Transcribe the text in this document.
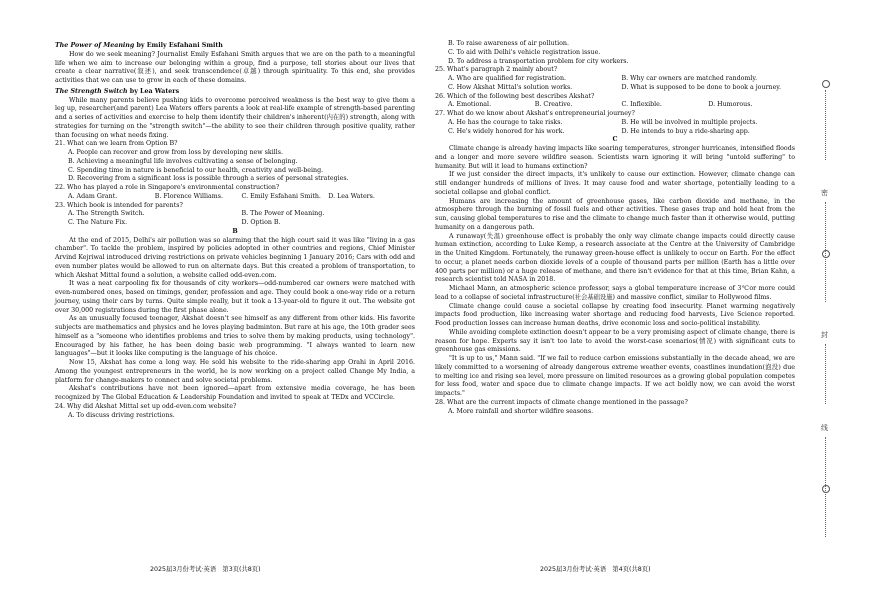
The Power of Meaning by Emily Esfahani Smith

How do we seek meaning? Journalist Emily Esfahani Smith argues that we are on the path to a meaningful life when we aim to increase our belonging within a group, find a purpose, tell stories about our lives that create a clear narrative(叙述), and seek transcendence(卓越) through spirituality. To this end, she provides activities that we can use to grow in each of these domains.

The Strength Switch by Lea Waters

While many parents believe pushing kids to overcome perceived weakness is the best way to give them a leg up, researcher(and parent) Lea Waters offers parents a look at real-life example of strength-based parenting and a series of activities and exercise to help them identify their children's inherent(内在的) strength, along with strategies for turning on the "strength switch"—the ability to see their children through positive quality, rather than focusing on what needs fixing.

21. What can we learn from Option B?

A. People can recover and grow from loss by developing new skills.

B. Achieving a meaningful life involves cultivating a sense of belonging.

C. Spending time in nature is beneficial to our health, creativity and well-being.

D. Recovering from a significant loss is possible through a series of personal strategies.

22. Who has played a role in Singapore's environmental construction?

A. Adam Grant.	B. Florence Williams.	C. Emily Esfahani Smith.	D. Lea Waters.

23. Which book is intended for parents?

A. The Strength Switch.	B. The Power of Meaning.
C. The Nature Fix.	D. Option B.

B

At the end of 2015, Delhi's air pollution was so alarming that the high court said it was like "living in a gas chamber". To tackle the problem, inspired by policies adopted in other countries and regions, Chief Minister Arvind Kejriwal introduced driving restrictions on private vehicles beginning 1 January 2016; Cars with odd and even number plates would be allowed to run on alternate days. But this created a problem of transportation, to which Akshat Mittal found a solution, a website called odd-even.com.

It was a neat carpooling fix for thousands of city workers—odd-numbered car owners were matched with even-numbered ones, based on timings, gender, profession and age. They could book a one-way ride or a return journey, using their cars by turns. Quite simple really, but it took a 13-year-old to figure it out. The website got over 30,000 registrations during the first phase alone.

As an unusually focused teenager, Akshat doesn't see himself as any different from other kids. His favorite subjects are mathematics and physics and he loves playing badminton. But rare at his age, the 10th grader sees himself as a "someone who identifies problems and tries to solve them by making products, using technology". Encouraged by his father, he has been doing basic web programming. "I always wanted to learn new languages"—but it looks like computing is the language of his choice.

Now 15, Akshat has come a long way. He sold his website to the ride-sharing app Orahi in April 2016. Among the youngest entrepreneurs in the world, he is now working on a project called Change My India, a platform for change-makers to connect and solve societal problems.

Akshat's contributions have not been ignored—apart from extensive media coverage, he has been recognized by The Global Education & Leadership Foundation and invited to speak at TEDx and VCCircle.

24. Why did Akshat Mittal set up odd-even.com website?

A. To discuss driving restrictions.

B. To raise awareness of air pollution.

C. To aid with Delhi's vehicle registration issue.

D. To address a transportation problem for city workers.

25. What's paragraph 2 mainly about?

A. Who are qualified for registration.	B. Why car owners are matched randomly.
C. How Akshat Mittal's solution works.	D. What is supposed to be done to book a journey.

26. Which of the following best describes Akshat?

A. Emotional.	B. Creative.	C. Inflexible.	D. Humorous.

27. What do we know about Akshat's entrepreneurial journey?

A. He has the courage to take risks.	B. He will be involved in multiple projects.
C. He's widely honored for his work.	D. He intends to buy a ride-sharing app.

C

Climate change is already having impacts like soaring temperatures, stronger hurricanes, intensified floods and a longer and more severe wildfire season. Scientists warn ignoring it will bring "untold suffering" to humanity. But will it lead to humans extinction?

If we just consider the direct impacts, it's unlikely to cause our extinction. However, climate change can still endanger hundreds of millions of lives. It may cause food and water shortage, potentially leading to a societal collapse and global conflict.

Humans are increasing the amount of greenhouse gases, like carbon dioxide and methane, in the atmosphere through the burning of fossil fuels and other activities. These gases trap and hold heat from the sun, causing global temperatures to rise and the climate to change much faster than it otherwise would, putting humanity on a dangerous path.

A runaway(失温) greenhouse effect is probably the only way climate change impacts could directly cause human extinction, according to Luke Kemp, a research associate at the Centre at the University of Cambridge in the United Kingdom. Fortunately, the runaway green-house effect is unlikely to occur on Earth. For the effect to occur, a planet needs carbon dioxide levels of a couple of thousand parts per million (Earth has a little over 400 parts per million) or a huge release of methane, and there isn't evidence for that at this time, Brian Kahn, a research scientist told NASA in 2018.

Michael Mann, an atmospheric science professor, says a global temperature increase of 3℃or more could lead to a collapse of societal infrastructure(社会基础设施) and massive conflict, similar to Hollywood films.

Climate change could cause a societal collapse by creating food insecurity. Planet warming negatively impacts food production, like increasing water shortage and reducing food harvests, Live Science reported. Food production losses can increase human deaths, drive economic loss and socio-political instability.

While avoiding complete extinction doesn't appear to be a very promising aspect of climate change, there is reason for hope. Experts say it isn't too late to avoid the worst-case scenarios(情况) with significant cuts to greenhouse gas emissions.

"It is up to us," Mann said. "If we fail to reduce carbon emissions substantially in the decade ahead, we are likely committed to a worsening of already dangerous extreme weather events, coastlines inundation(泡没) due to melting ice and rising sea level, more pressure on limited resources as a growing global population competes for less food, water and space due to climate change impacts. If we act boldly now, we can avoid the worst impacts."

28. What are the current impacts of climate change mentioned in the passage?

A. More rainfall and shorter wildfire seasons.

2025届3月份考试·英语　第3页(共8页)	2025届3月份考试·英语　第4页(共8页)
密
封
线
